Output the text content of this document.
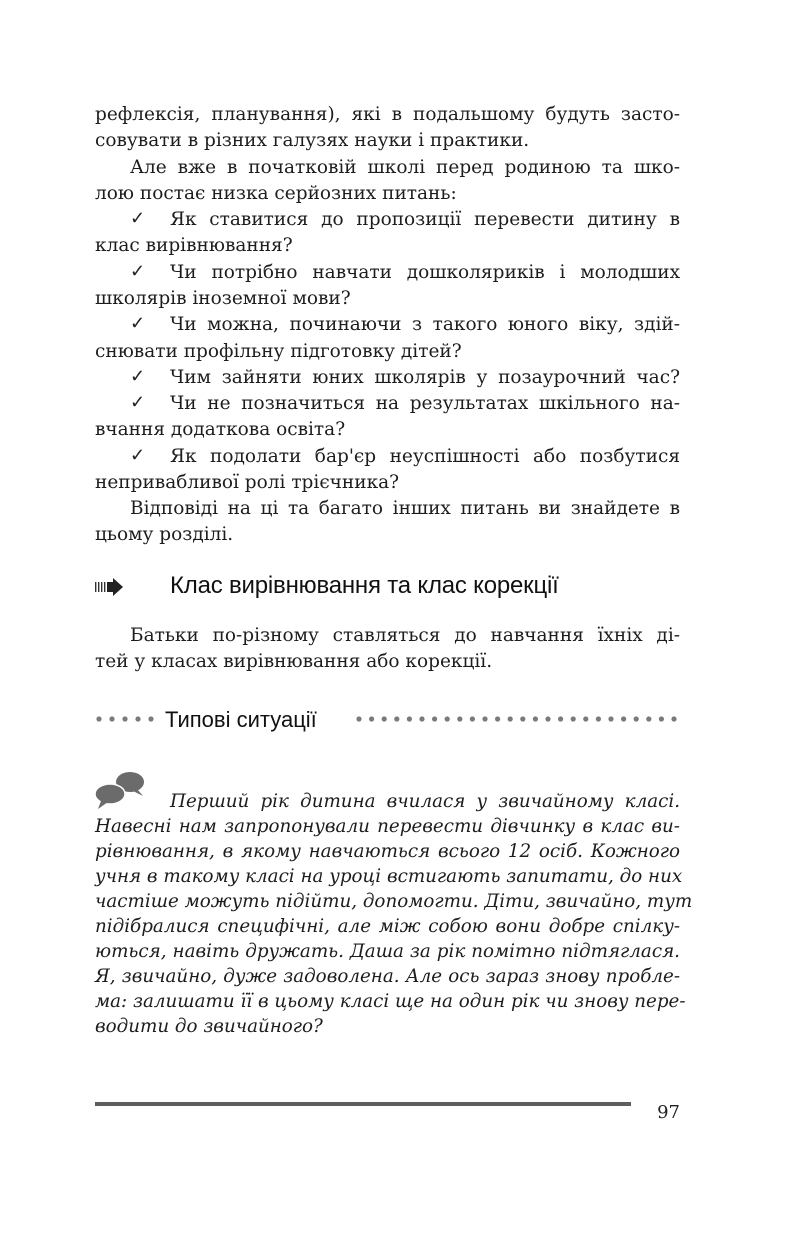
рефлексія, планування), які в подальшому будуть засто-

совувати в різних галузях науки і практики.

Але вже в початковій школі перед родиною та шко-

лою постає низка серйозних питань:

✓ Як ставитися до пропозиції перевести дитину в

клас вирівнювання?

✓ Чи потрібно навчати дошколяриків і молодших

школярів іноземної мови?

✓ Чи можна, починаючи з такого юного віку, здій-

снювати профільну підготовку дітей?

✓ Чим зайняти юних школярів у позаурочний час?

✓ Чи не позначиться на результатах шкільного на-

вчання додаткова освіта?

✓ Як подолати бар'єр неуспішності або позбутися

непривабливої ролі трієчника?

Відповіді на ці та багато інших питань ви знайдете в

цьому розділі.

Клас вирівнювання та клас корекції

Батьки по-різному ставляться до навчання їхніх ді-

тей у класах вирівнювання або корекції.

Типові ситуації

Перший рік дитина вчилася у звичайному класі.

Навесні нам запропонували перевести дівчинку в клас ви-

рівнювання, в якому навчаються всього 12 осіб. Кожного

учня в такому класі на уроці встигають запитати, до них

частіше можуть підійти, допомогти. Діти, звичайно, тут

підібралися специфічні, але між собою вони добре спілку-

ються, навіть дружать. Даша за рік помітно підтяглася.

Я, звичайно, дуже задоволена. Але ось зараз знову пробле-

ма: залишати її в цьому класі ще на один рік чи знову пере-

водити до звичайного?

97
